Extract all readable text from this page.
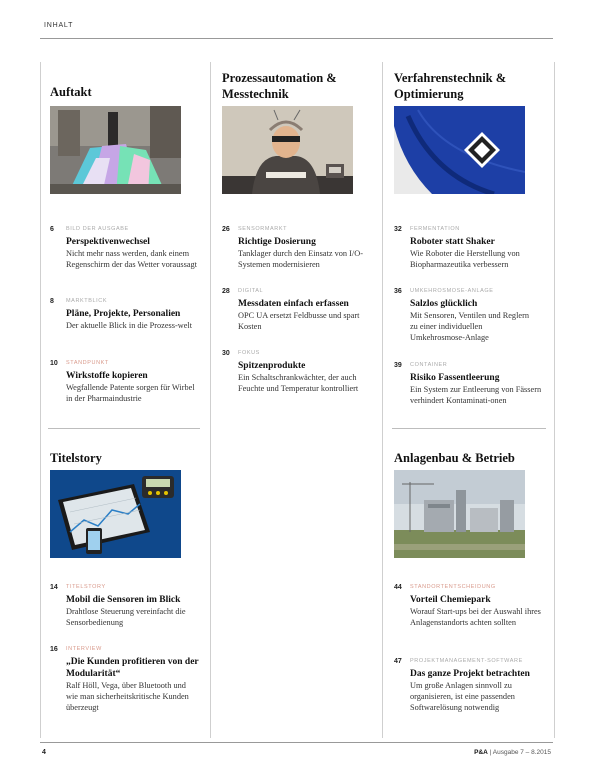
INHALT
Auftakt
6 BILD DER AUSGABE
Perspektivenwechsel
Nicht mehr nass werden, dank einem Regenschirm der das Wetter voraussagt
8 MARKTBLICK
Pläne, Projekte, Personalien
Der aktuelle Blick in die Prozess-welt
10 STANDPUNKT
Wirkstoffe kopieren
Wegfallende Patente sorgen für Wirbel in der Pharmaindustrie
Titelstory
14 TITELSTORY
Mobil die Sensoren im Blick
Drahtlose Steuerung vereinfacht die Sensorbedienung
16 INTERVIEW
„Die Kunden profitieren von der Modularität“
Ralf Höll, Vega, über Bluetooth und wie man sicherheitskritische Kunden überzeugt
Prozessautomation & Messtechnik
26 SENSORMARKT
Richtige Dosierung
Tanklager durch den Einsatz von I/O-Systemen modernisieren
28 DIGITAL
Messdaten einfach erfassen
OPC UA ersetzt Feldbusse und spart Kosten
30 FOKUS
Spitzenprodukte
Ein Schaltschrankwächter, der auch Feuchte und Temperatur kontrolliert
Verfahrenstechnik & Optimierung
32 FERMENTATION
Roboter statt Shaker
Wie Roboter die Herstellung von Biopharmazeutika verbessern
36 UMKEHROSMOSE-ANLAGE
Salzlos glücklich
Mit Sensoren, Ventilen und Reglern zu einer individuellen Umkehrosmose-Anlage
39 CONTAINER
Risiko Fassentleerung
Ein System zur Entleerung von Fässern verhindert Kontaminati-onen
Anlagenbau & Betrieb
44 STANDORTENTSCHEIDUNG
Vorteil Chemiepark
Worauf Start-ups bei der Auswahl ihres Anlagenstandorts achten sollten
47 PROJEKTMANAGEMENT-SOFTWARE
Das ganze Projekt betrachten
Um große Anlagen sinnvoll zu organisieren, ist eine passenden Softwarelösung notwendig
4	P&A | Ausgabe 7 – 8.2015
